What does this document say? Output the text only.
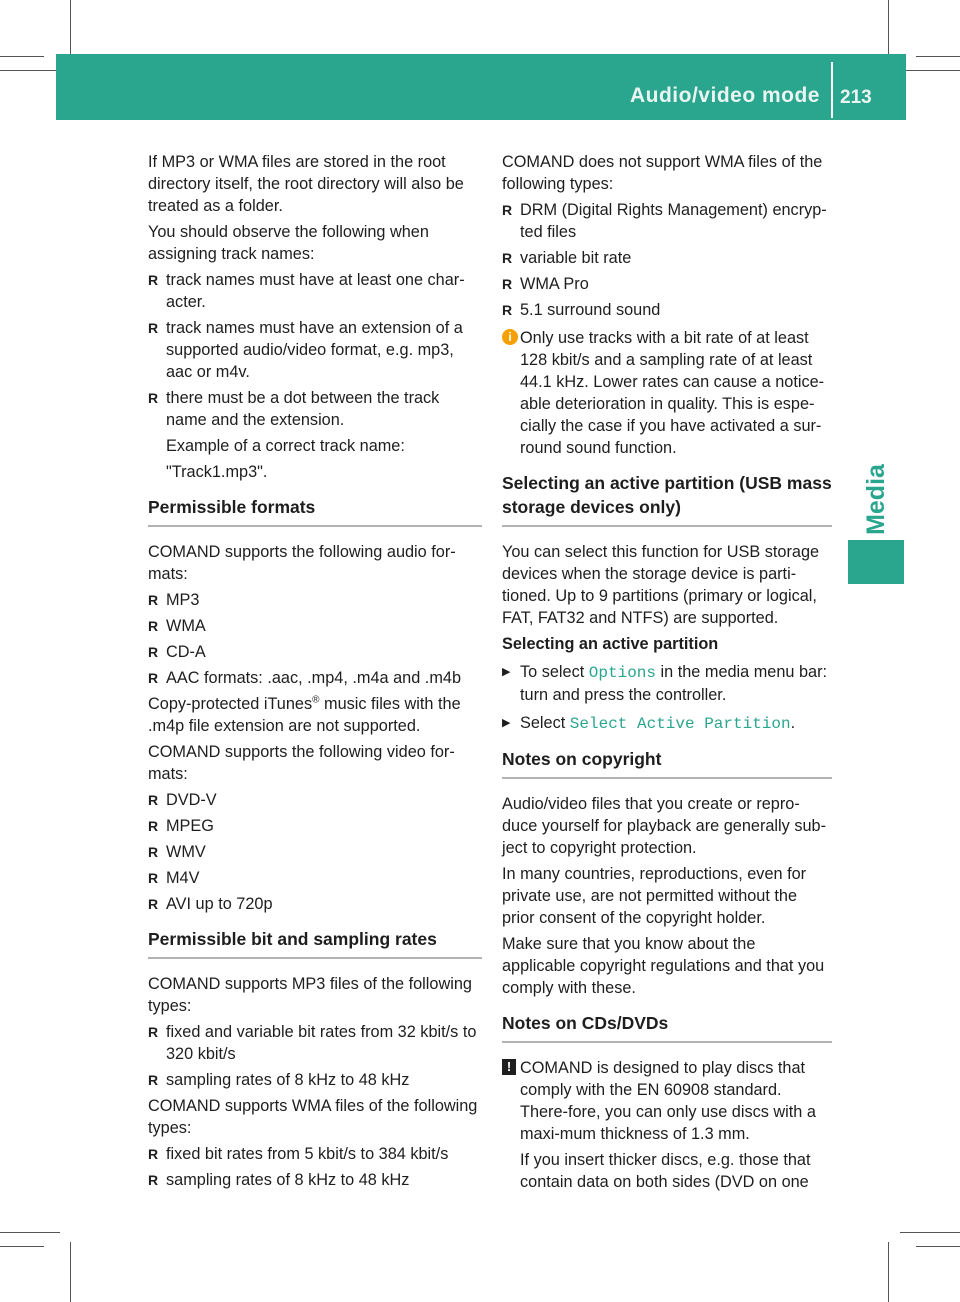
Audio/video mode 213
Media

If MP3 or WMA files are stored in the root directory itself, the root directory will also be treated as a folder.

You should observe the following when assigning track names:

R track names must have at least one char-acter.
R track names must have an extension of a supported audio/video format, e.g. mp3, aac or m4v.
R there must be a dot between the track name and the extension.
Example of a correct track name:
"Track1.mp3".
Permissible formats

COMAND supports the following audio for-mats:

R MP3
R WMA
R CD-A
R AAC formats: .aac, .mp4, .m4a and .m4b

Copy-protected iTunes® music files with the .m4p file extension are not supported.

COMAND supports the following video for-mats:

R DVD-V
R MPEG
R WMV
R M4V
R AVI up to 720p
Permissible bit and sampling rates

COMAND supports MP3 files of the following types:

R fixed and variable bit rates from 32 kbit/s to 320 kbit/s
R sampling rates of 8 kHz to 48 kHz

COMAND supports WMA files of the following types:

R fixed bit rates from 5 kbit/s to 384 kbit/s
R sampling rates of 8 kHz to 48 kHz

COMAND does not support WMA files of the following types:

R DRM (Digital Rights Management) encryp-ted files
R variable bit rate
R WMA Pro
R 5.1 surround sound
i Only use tracks with a bit rate of at least 128 kbit/s and a sampling rate of at least 44.1 kHz. Lower rates can cause a notice-able deterioration in quality. This is espe-cially the case if you have activated a sur-round sound function.
Selecting an active partition (USB mass storage devices only)

You can select this function for USB storage devices when the storage device is parti-tioned. Up to 9 partitions (primary or logical, FAT, FAT32 and NTFS) are supported.

Selecting an active partition

▶ To select Options in the media menu bar: turn and press the controller.
▶ Select Select Active Partition.
Notes on copyright

Audio/video files that you create or repro-duce yourself for playback are generally sub-ject to copyright protection.

In many countries, reproductions, even for private use, are not permitted without the prior consent of the copyright holder.

Make sure that you know about the applicable copyright regulations and that you comply with these.

Notes on CDs/DVDs
! COMAND is designed to play discs that comply with the EN 60908 standard. There-fore, you can only use discs with a maxi-mum thickness of 1.3 mm.
If you insert thicker discs, e.g. those that contain data on both sides (DVD on one
